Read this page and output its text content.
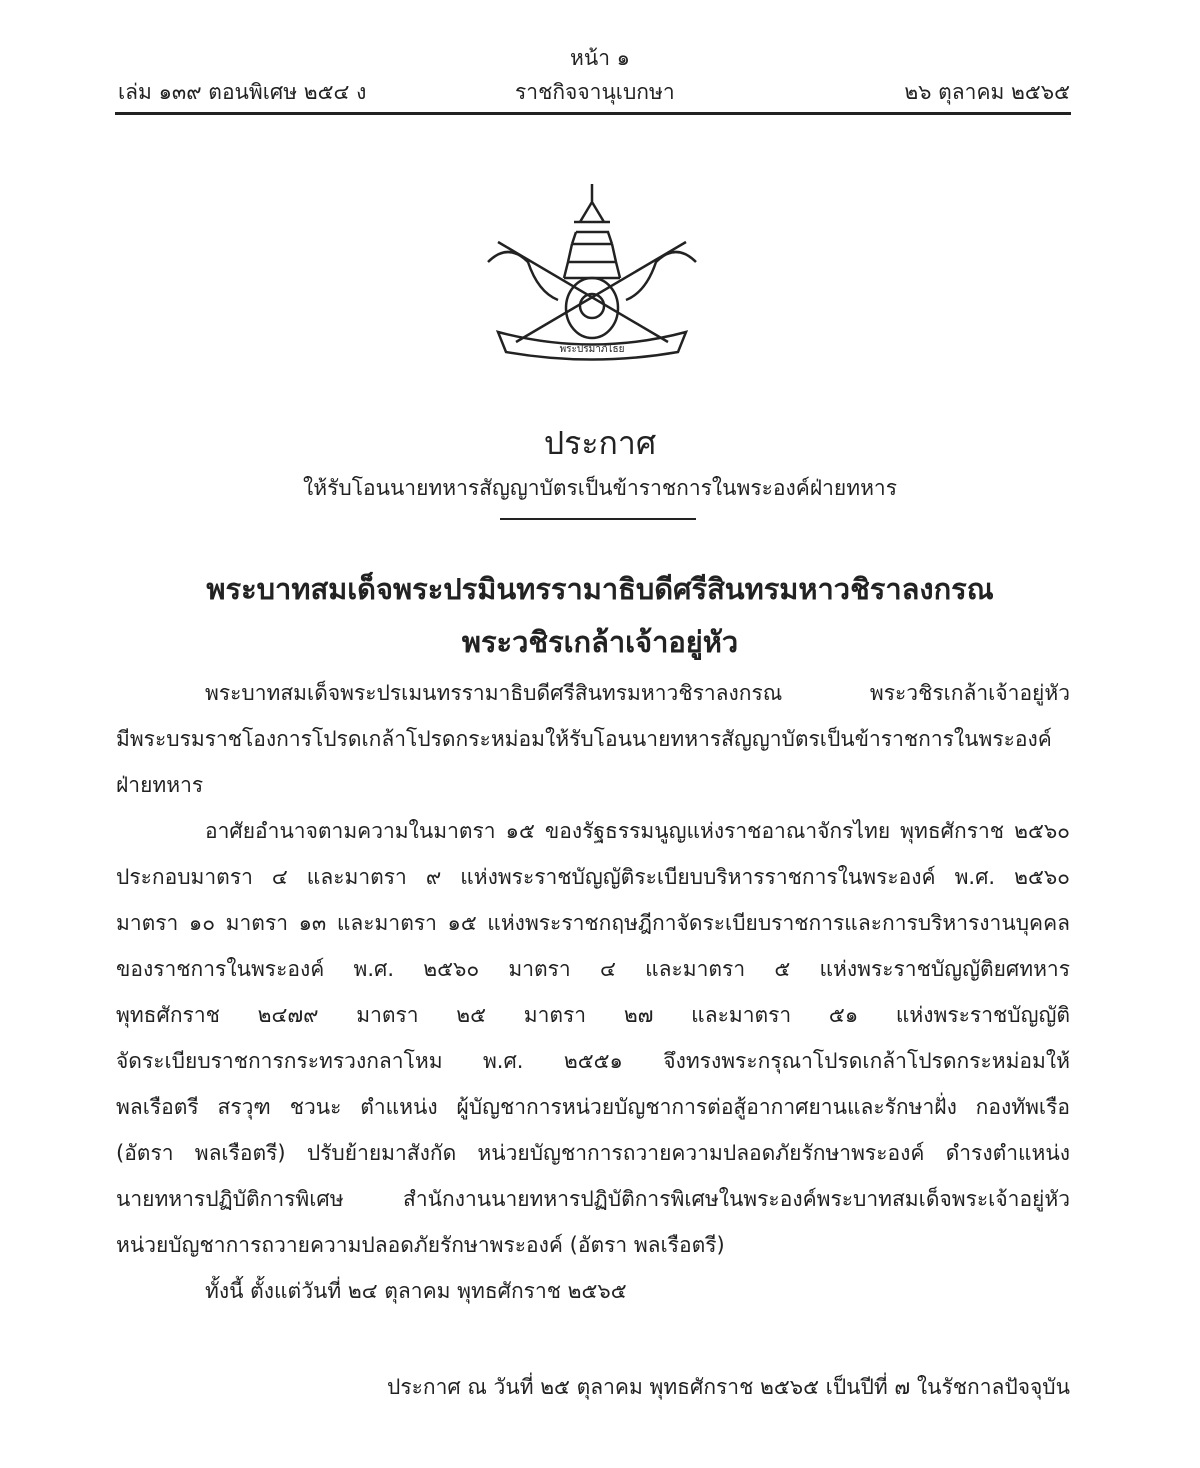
หน้า ๑
เล่ม ๑๓๙ ตอนพิเศษ ๒๕๔ ง	ราชกิจจานุเบกษา	๒๖ ตุลาคม ๒๕๖๕
พระปรมาภิไธย
ประกาศ
ให้รับโอนนายทหารสัญญาบัตรเป็นข้าราชการในพระองค์ฝ่ายทหาร
พระบาทสมเด็จพระปรมินทรรามาธิบดีศรีสินทรมหาวชิราลงกรณ
พระวชิรเกล้าเจ้าอยู่หัว
พระบาทสมเด็จพระปรเมนทรรามาธิบดีศรีสินทรมหาวชิราลงกรณ พระวชิรเกล้าเจ้าอยู่หัว
มีพระบรมราชโองการโปรดเกล้าโปรดกระหม่อมให้รับโอนนายทหารสัญญาบัตรเป็นข้าราชการในพระองค์
ฝ่ายทหาร
อาศัยอำนาจตามความในมาตรา ๑๕ ของรัฐธรรมนูญแห่งราชอาณาจักรไทย พุทธศักราช ๒๕๖๐
ประกอบมาตรา ๔ และมาตรา ๙ แห่งพระราชบัญญัติระเบียบบริหารราชการในพระองค์ พ.ศ. ๒๕๖๐
มาตรา ๑๐ มาตรา ๑๓ และมาตรา ๑๕ แห่งพระราชกฤษฎีกาจัดระเบียบราชการและการบริหารงานบุคคล
ของราชการในพระองค์ พ.ศ. ๒๕๖๐ มาตรา ๔ และมาตรา ๕ แห่งพระราชบัญญัติยศทหาร
พุทธศักราช ๒๔๗๙ มาตรา ๒๕ มาตรา ๒๗ และมาตรา ๕๑ แห่งพระราชบัญญัติ
จัดระเบียบราชการกระทรวงกลาโหม พ.ศ. ๒๕๕๑ จึงทรงพระกรุณาโปรดเกล้าโปรดกระหม่อมให้
พลเรือตรี สรวุฑ ชวนะ ตำแหน่ง ผู้บัญชาการหน่วยบัญชาการต่อสู้อากาศยานและรักษาฝั่ง กองทัพเรือ
(อัตรา พลเรือตรี) ปรับย้ายมาสังกัด หน่วยบัญชาการถวายความปลอดภัยรักษาพระองค์ ดำรงตำแหน่ง
นายทหารปฏิบัติการพิเศษ สำนักงานนายทหารปฏิบัติการพิเศษในพระองค์พระบาทสมเด็จพระเจ้าอยู่หัว
หน่วยบัญชาการถวายความปลอดภัยรักษาพระองค์ (อัตรา พลเรือตรี)
ทั้งนี้ ตั้งแต่วันที่ ๒๔ ตุลาคม พุทธศักราช ๒๕๖๕
ประกาศ ณ วันที่ ๒๕ ตุลาคม พุทธศักราช ๒๕๖๕ เป็นปีที่ ๗ ในรัชกาลปัจจุบัน
